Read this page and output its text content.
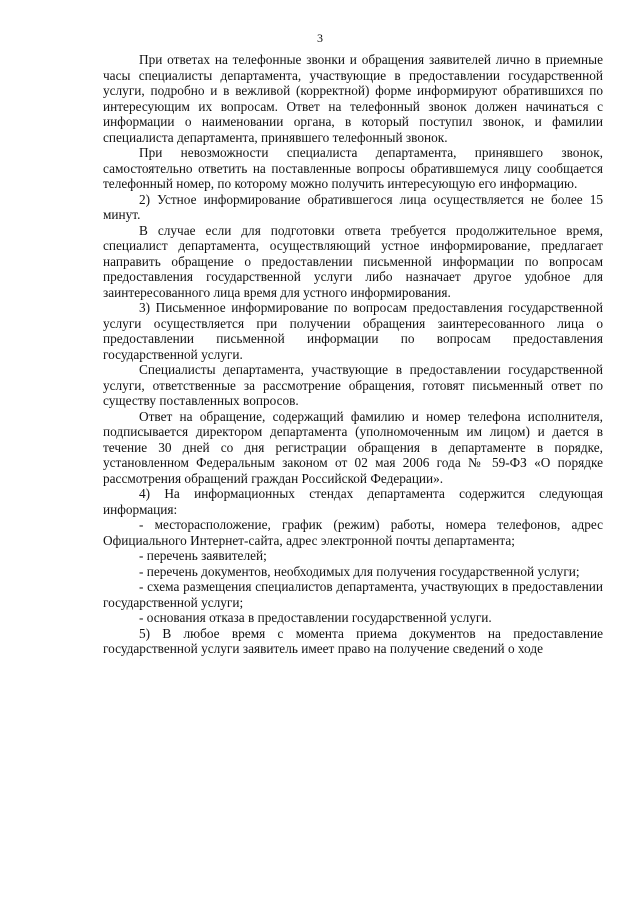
3

При ответах на телефонные звонки и обращения заявителей лично в приемные часы специалисты департамента, участвующие в предоставлении государственной услуги, подробно и в вежливой (корректной) форме информируют обратившихся по интересующим их вопросам. Ответ на телефонный звонок должен начинаться с информации о наименовании органа, в который поступил звонок, и фамилии специалиста департамента, принявшего телефонный звонок.

При невозможности специалиста департамента, принявшего звонок, самостоятельно ответить на поставленные вопросы обратившемуся лицу сообщается телефонный номер, по которому можно получить интересующую его информацию.

2) Устное информирование обратившегося лица осуществляется не более 15 минут.

В случае если для подготовки ответа требуется продолжительное время, специалист департамента, осуществляющий устное информирование, предлагает направить обращение о предоставлении письменной информации по вопросам предоставления государственной услуги либо назначает другое удобное для заинтересованного лица время для устного информирования.

3) Письменное информирование по вопросам предоставления государственной услуги осуществляется при получении обращения заинтересованного лица о предоставлении письменной информации по вопросам предоставления государственной услуги.

Специалисты департамента, участвующие в предоставлении государственной услуги, ответственные за рассмотрение обращения, готовят письменный ответ по существу поставленных вопросов.

Ответ на обращение, содержащий фамилию и номер телефона исполнителя, подписывается директором департамента (уполномоченным им лицом) и дается в течение 30 дней со дня регистрации обращения в департаменте в порядке, установленном Федеральным законом от 02 мая 2006 года № 59-ФЗ «О порядке рассмотрения обращений граждан Российской Федерации».

4) На информационных стендах департамента содержится следующая информация:

- месторасположение, график (режим) работы, номера телефонов, адрес Официального Интернет-сайта, адрес электронной почты департамента;

- перечень заявителей;

- перечень документов, необходимых для получения государственной услуги;

- схема размещения специалистов департамента, участвующих в предоставлении государственной услуги;

- основания отказа в предоставлении государственной услуги.

5) В любое время с момента приема документов на предоставление государственной услуги заявитель имеет право на получение сведений о ходе
